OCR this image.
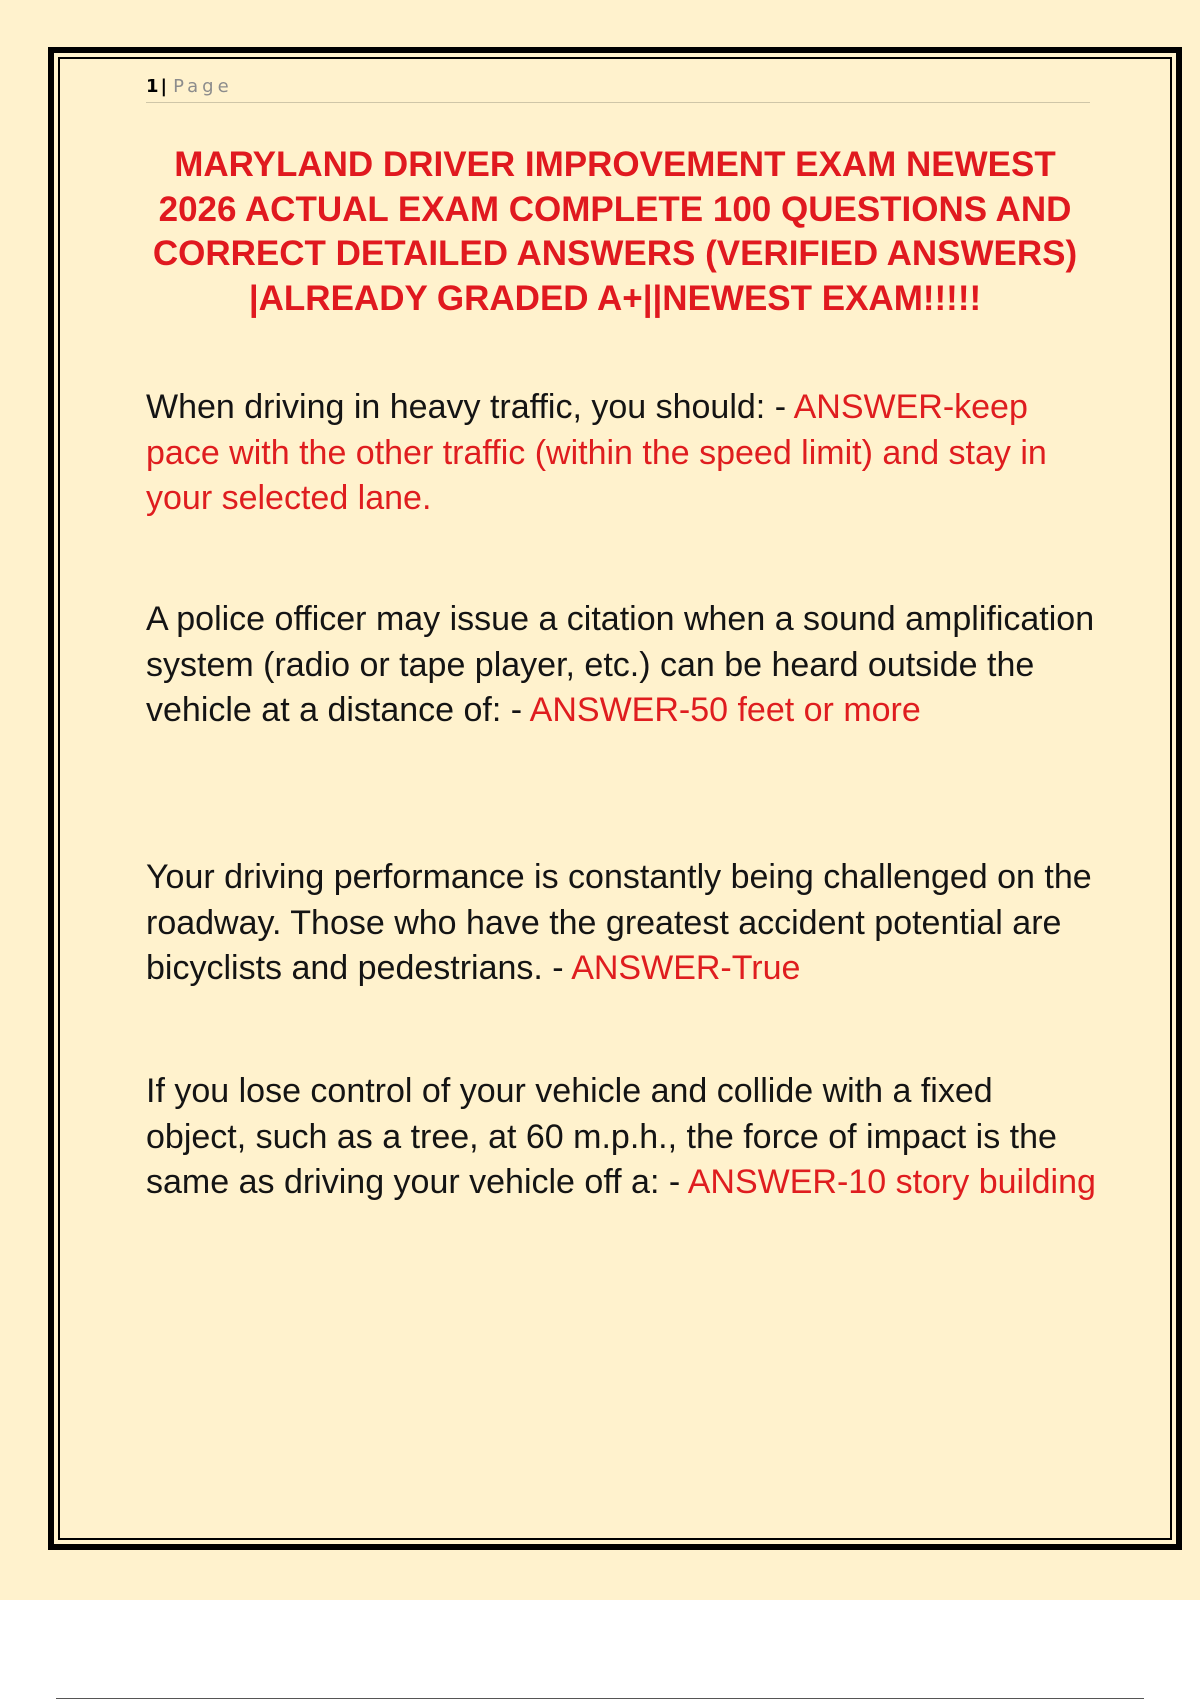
1 | Page
MARYLAND DRIVER IMPROVEMENT EXAM NEWEST 2026 ACTUAL EXAM COMPLETE 100 QUESTIONS AND CORRECT DETAILED ANSWERS (VERIFIED ANSWERS) |ALREADY GRADED A+||NEWEST EXAM!!!!!

When driving in heavy traffic, you should: - ANSWER-keep pace with the other traffic (within the speed limit) and stay in your selected lane.

A police officer may issue a citation when a sound amplification system (radio or tape player, etc.) can be heard outside the vehicle at a distance of: - ANSWER-50 feet or more

Your driving performance is constantly being challenged on the roadway. Those who have the greatest accident potential are bicyclists and pedestrians. - ANSWER-True

If you lose control of your vehicle and collide with a fixed object, such as a tree, at 60 m.p.h., the force of impact is the same as driving your vehicle off a: - ANSWER-10 story building
